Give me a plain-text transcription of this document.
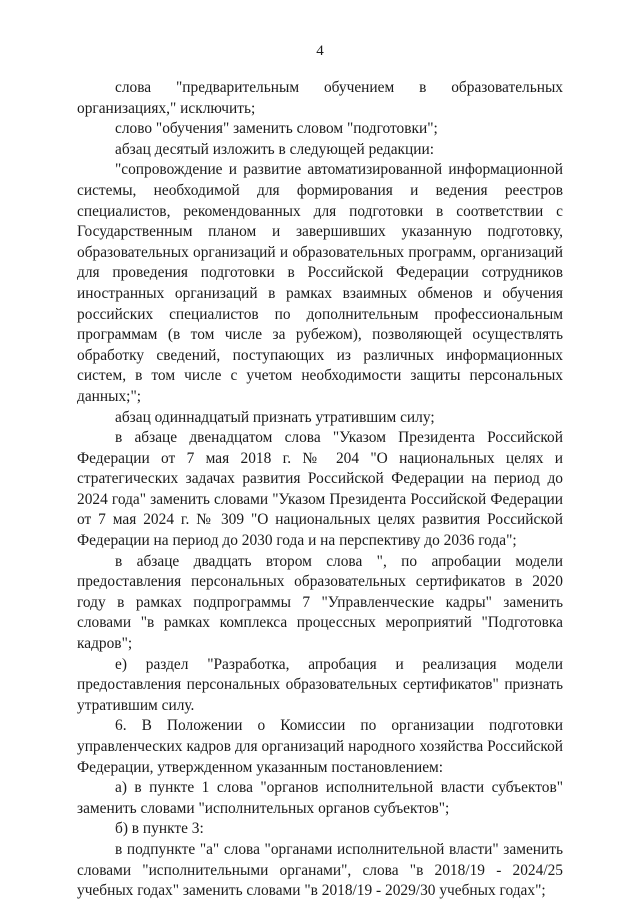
4

слова "предварительным обучением в образовательных организациях," исключить;

слово "обучения" заменить словом "подготовки";

абзац десятый изложить в следующей редакции:

"сопровождение и развитие автоматизированной информационной системы, необходимой для формирования и ведения реестров специалистов, рекомендованных для подготовки в соответствии с Государственным планом и завершивших указанную подготовку, образовательных организаций и образовательных программ, организаций для проведения подготовки в Российской Федерации сотрудников иностранных организаций в рамках взаимных обменов и обучения российских специалистов по дополнительным профессиональным программам (в том числе за рубежом), позволяющей осуществлять обработку сведений, поступающих из различных информационных систем, в том числе с учетом необходимости защиты персональных данных;";

абзац одиннадцатый признать утратившим силу;

в абзаце двенадцатом слова "Указом Президента Российской Федерации от 7 мая 2018 г. № 204 "О национальных целях и стратегических задачах развития Российской Федерации на период до 2024 года" заменить словами "Указом Президента Российской Федерации от 7 мая 2024 г. № 309 "О национальных целях развития Российской Федерации на период до 2030 года и на перспективу до 2036 года";

в абзаце двадцать втором слова ", по апробации модели предоставления персональных образовательных сертификатов в 2020 году в рамках подпрограммы 7 "Управленческие кадры" заменить словами "в рамках комплекса процессных мероприятий "Подготовка кадров";

е) раздел "Разработка, апробация и реализация модели предоставления персональных образовательных сертификатов" признать утратившим силу.

6. В Положении о Комиссии по организации подготовки управленческих кадров для организаций народного хозяйства Российской Федерации, утвержденном указанным постановлением:

а) в пункте 1 слова "органов исполнительной власти субъектов" заменить словами "исполнительных органов субъектов";

б) в пункте 3:

в подпункте "а" слова "органами исполнительной власти" заменить словами "исполнительными органами", слова "в 2018/19 - 2024/25 учебных годах" заменить словами "в 2018/19 - 2029/30 учебных годах";
